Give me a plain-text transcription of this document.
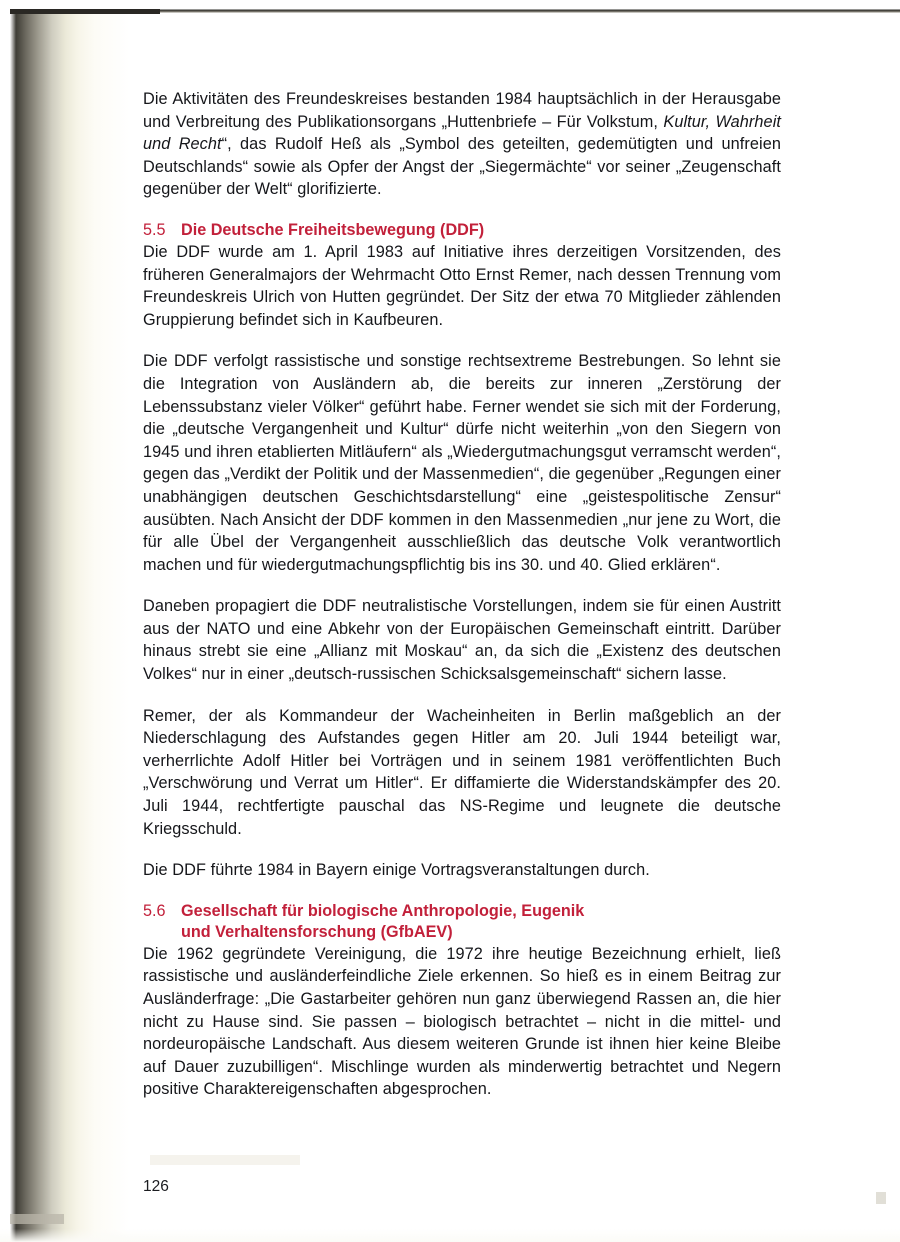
Die Aktivitäten des Freundeskreises bestanden 1984 hauptsächlich in der Herausgabe und Verbreitung des Publikationsorgans „Huttenbriefe – Für Volkstum, Kultur, Wahrheit und Recht“, das Rudolf Heß als „Symbol des geteilten, gedemütigten und unfreien Deutschlands“ sowie als Opfer der Angst der „Siegermächte“ vor seiner „Zeugenschaft gegenüber der Welt“ glorifizierte.

5.5 Die Deutsche Freiheitsbewegung (DDF)

Die DDF wurde am 1. April 1983 auf Initiative ihres derzeitigen Vorsitzenden, des früheren Generalmajors der Wehrmacht Otto Ernst Remer, nach dessen Trennung vom Freundeskreis Ulrich von Hutten gegründet. Der Sitz der etwa 70 Mitglieder zählenden Gruppierung befindet sich in Kaufbeuren.

Die DDF verfolgt rassistische und sonstige rechtsextreme Bestrebungen. So lehnt sie die Integration von Ausländern ab, die bereits zur inneren „Zerstörung der Lebenssubstanz vieler Völker“ geführt habe. Ferner wendet sie sich mit der Forderung, die „deutsche Vergangenheit und Kultur“ dürfe nicht weiterhin „von den Siegern von 1945 und ihren etablierten Mitläufern“ als „Wiedergutmachungsgut verramscht werden“, gegen das „Verdikt der Politik und der Massenmedien“, die gegenüber „Regungen einer unabhängigen deutschen Geschichtsdarstellung“ eine „geistespolitische Zensur“ ausübten. Nach Ansicht der DDF kommen in den Massenmedien „nur jene zu Wort, die für alle Übel der Vergangenheit ausschließlich das deutsche Volk verantwortlich machen und für wiedergutmachungspflichtig bis ins 30. und 40. Glied erklären“.

Daneben propagiert die DDF neutralistische Vorstellungen, indem sie für einen Austritt aus der NATO und eine Abkehr von der Europäischen Gemeinschaft eintritt. Darüber hinaus strebt sie eine „Allianz mit Moskau“ an, da sich die „Existenz des deutschen Volkes“ nur in einer „deutsch-russischen Schicksalsgemeinschaft“ sichern lasse.

Remer, der als Kommandeur der Wacheinheiten in Berlin maßgeblich an der Niederschlagung des Aufstandes gegen Hitler am 20. Juli 1944 beteiligt war, verherrlichte Adolf Hitler bei Vorträgen und in seinem 1981 veröffentlichten Buch „Verschwörung und Verrat um Hitler“. Er diffamierte die Widerstandskämpfer des 20. Juli 1944, rechtfertigte pauschal das NS-Regime und leugnete die deutsche Kriegsschuld.

Die DDF führte 1984 in Bayern einige Vortragsveranstaltungen durch.

5.6 Gesellschaft für biologische Anthropologie, Eugenik
und Verhaltensforschung (GfbAEV)

Die 1962 gegründete Vereinigung, die 1972 ihre heutige Bezeichnung erhielt, ließ rassistische und ausländerfeindliche Ziele erkennen. So hieß es in einem Beitrag zur Ausländerfrage: „Die Gastarbeiter gehören nun ganz überwiegend Rassen an, die hier nicht zu Hause sind. Sie passen – biologisch betrachtet – nicht in die mittel- und nordeuropäische Landschaft. Aus diesem weiteren Grunde ist ihnen hier keine Bleibe auf Dauer zuzubilligen“. Mischlinge wurden als minderwertig betrachtet und Negern positive Charaktereigenschaften abgesprochen.

126
